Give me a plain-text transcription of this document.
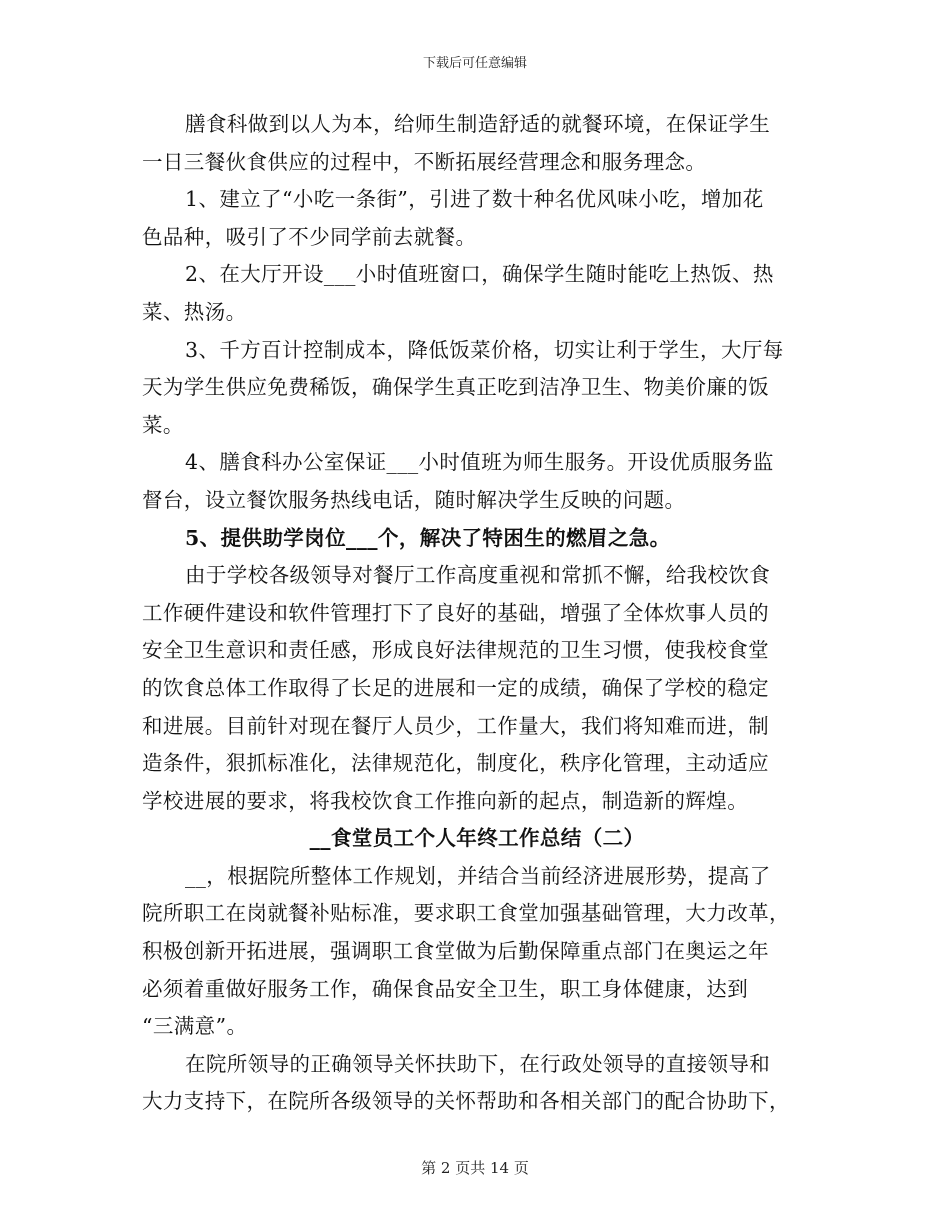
下载后可任意编辑
膳食科做到以人为本，给师生制造舒适的就餐环境，在保证学生
一日三餐伙食供应的过程中，不断拓展经营理念和服务理念。
1、建立了“小吃一条街”，引进了数十种名优风味小吃，增加花
色品种，吸引了不少同学前去就餐。
2、在大厅开设___小时值班窗口，确保学生随时能吃上热饭、热
菜、热汤。
3、千方百计控制成本，降低饭菜价格，切实让利于学生，大厅每
天为学生供应免费稀饭，确保学生真正吃到洁净卫生、物美价廉的饭
菜。
4、膳食科办公室保证___小时值班为师生服务。开设优质服务监
督台，设立餐饮服务热线电话，随时解决学生反映的问题。
5、提供助学岗位___个，解决了特困生的燃眉之急。
由于学校各级领导对餐厅工作高度重视和常抓不懈，给我校饮食
工作硬件建设和软件管理打下了良好的基础，增强了全体炊事人员的
安全卫生意识和责任感，形成良好法律规范的卫生习惯，使我校食堂
的饮食总体工作取得了长足的进展和一定的成绩，确保了学校的稳定
和进展。目前针对现在餐厅人员少，工作量大，我们将知难而进，制
造条件，狠抓标准化，法律规范化，制度化，秩序化管理，主动适应
学校进展的要求，将我校饮食工作推向新的起点，制造新的辉煌。
__食堂员工个人年终工作总结（二）
__，根据院所整体工作规划，并结合当前经济进展形势，提高了
院所职工在岗就餐补贴标准，要求职工食堂加强基础管理，大力改革，
积极创新开拓进展，强调职工食堂做为后勤保障重点部门在奥运之年
必须着重做好服务工作，确保食品安全卫生，职工身体健康，达到
“三满意”。
在院所领导的正确领导关怀扶助下，在行政处领导的直接领导和
大力支持下，在院所各级领导的关怀帮助和各相关部门的配合协助下，
第 2 页共 14 页
